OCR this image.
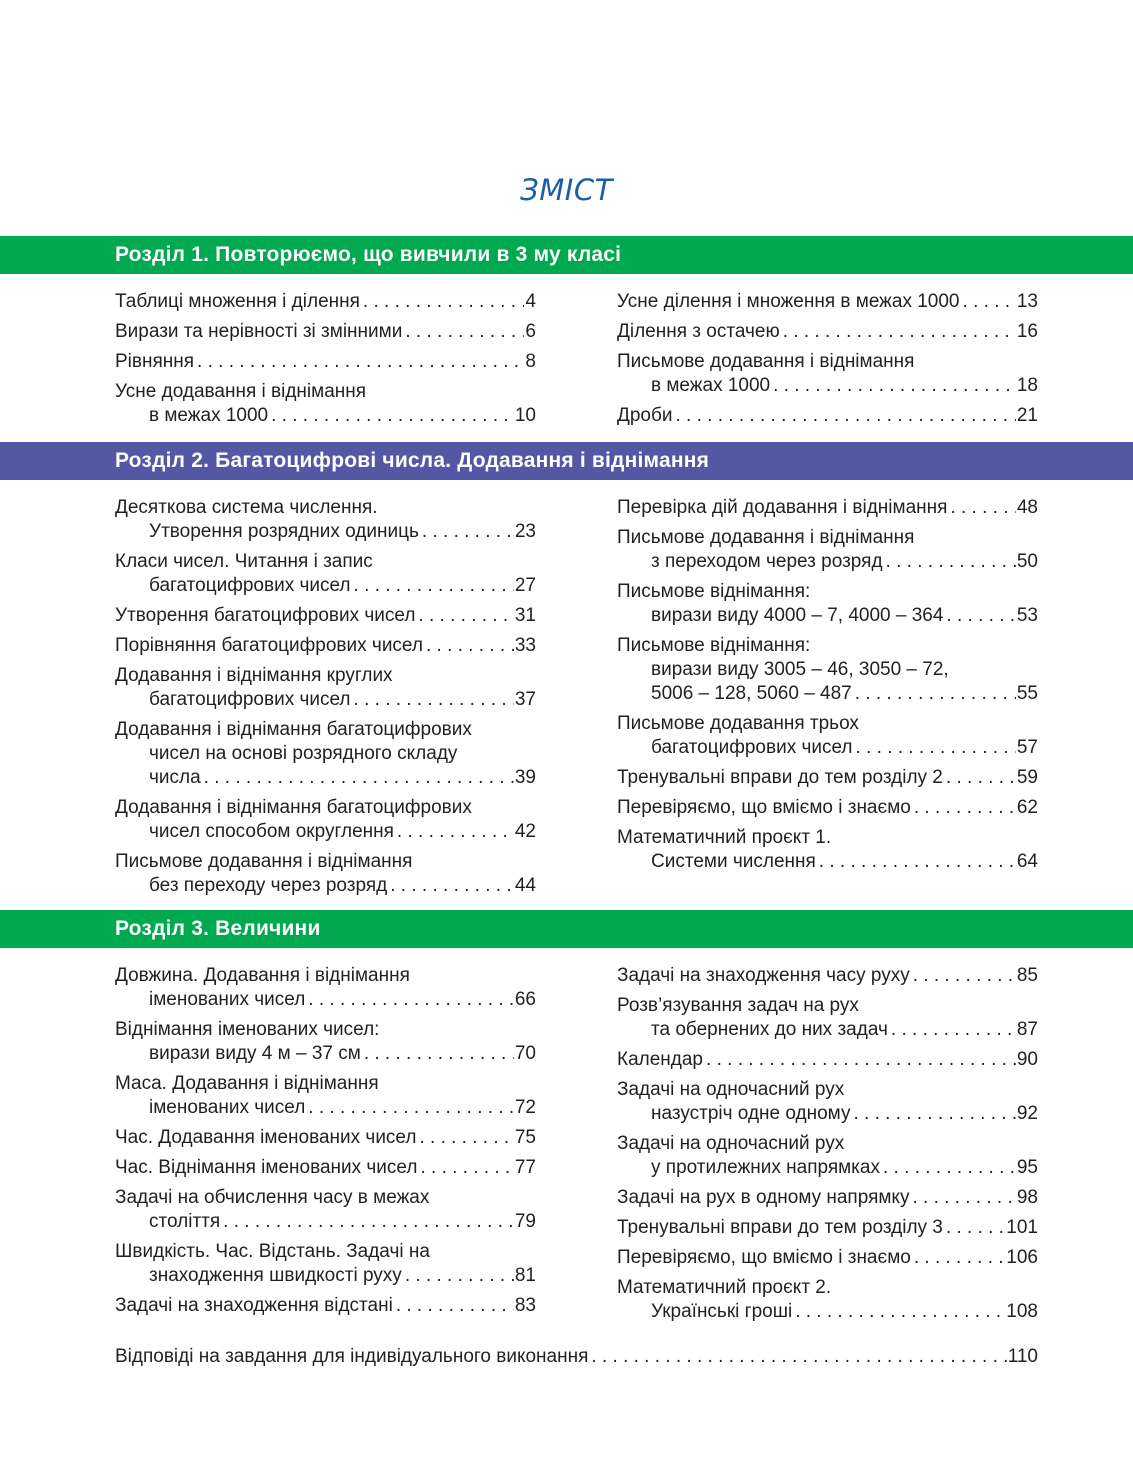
ЗМІСТ
Розділ 1. Повторюємо, що вивчили в 3 му класі
Таблиці множення і ділення . . .	4
Вирази та нерівності зі змінними . . .	6
Рівняння . . .	8
Усне додавання і віднімання
в межах 1000 . . .	10
Усне ділення і множення в межах 1000 . . .	13
Ділення з остачею . . .	16
Письмове додавання і віднімання
в межах 1000 . . .	18
Дроби . . .	21
Розділ 2. Багатоцифрові числа. Додавання і віднімання
Десяткова система числення.
Утворення розрядних одиниць . . .	23
Класи чисел. Читання і запис
багатоцифрових чисел . . .	27
Утворення багатоцифрових чисел . . .	31
Порівняння багатоцифрових чисел . . .	33
Додавання і віднімання круглих
багатоцифрових чисел . . .	37
Додавання і віднімання багатоцифрових
чисел на основі розрядного складу
числа . . .	39
Додавання і віднімання багатоцифрових
чисел способом округлення . . .	42
Письмове додавання і віднімання
без переходу через розряд . . .	44
Перевірка дій додавання і віднімання . . .	48
Письмове додавання і віднімання
з переходом через розряд . . .	50
Письмове віднімання:
вирази виду 4000 – 7, 4000 – 364 . . .	53
Письмове віднімання:
вирази виду 3005 – 46, 3050 – 72,
5006 – 128, 5060 – 487 . . .	55
Письмове додавання трьох
багатоцифрових чисел . . .	57
Тренувальні вправи до тем розділу 2 . . .	59
Перевіряємо, що вміємо і знаємо . . .	62
Математичний проєкт 1.
Системи числення . . .	64
Розділ 3. Величини
Довжина. Додавання і віднімання
іменованих чисел . . .	66
Віднімання іменованих чисел:
вирази виду 4 м – 37 см . . .	70
Маса. Додавання і віднімання
іменованих чисел . . .	72
Час. Додавання іменованих чисел . . .	75
Час. Віднімання іменованих чисел . . .	77
Задачі на обчислення часу в межах
століття . . .	79
Швидкість. Час. Відстань. Задачі на
знаходження швидкості руху . . .	81
Задачі на знаходження відстані . . .	83
Задачі на знаходження часу руху . . .	85
Розв’язування задач на рух
та обернених до них задач . . .	87
Календар . . .	90
Задачі на одночасний рух
назустріч одне одному . . .	92
Задачі на одночасний рух
у протилежних напрямках . . .	95
Задачі на рух в одному напрямку . . .	98
Тренувальні вправи до тем розділу 3 . . .	101
Перевіряємо, що вміємо і знаємо . . .	106
Математичний проєкт 2.
Українські гроші . . .	108
Відповіді на завдання для індивідуального виконання . . .	110
